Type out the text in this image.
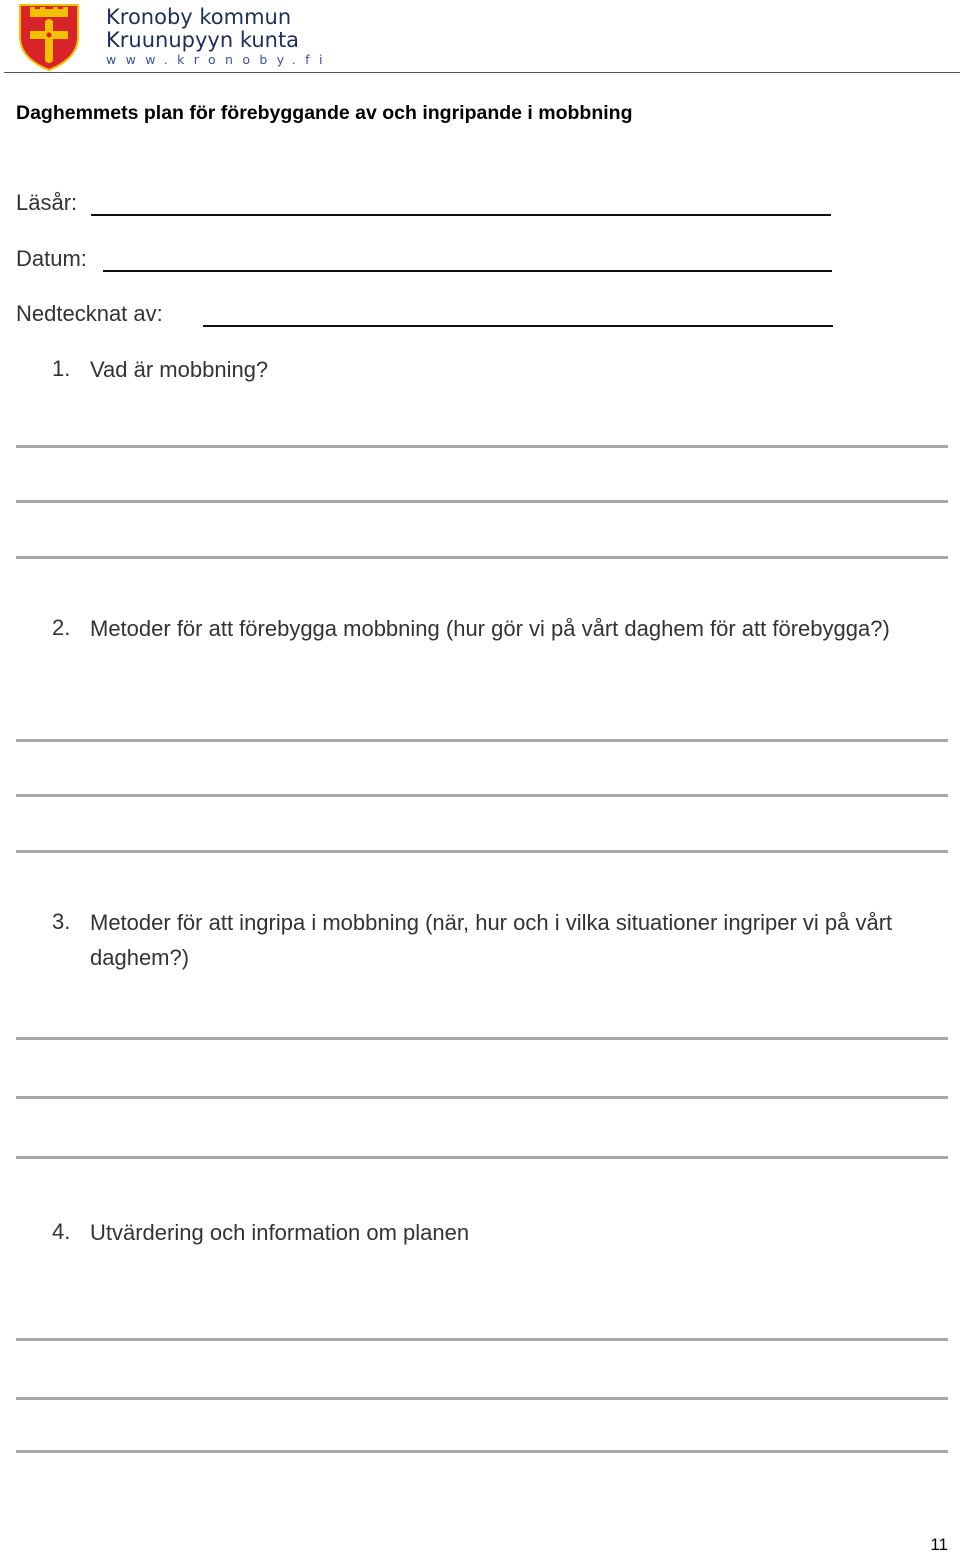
Kronoby kommun
Kruunupyyn kunta
www.kronoby.fi
Daghemmets plan för förebyggande av och ingripande i mobbning
Läsår:
Datum:
Nedtecknat av:
1. Vad är mobbning?
2. Metoder för att förebygga mobbning (hur gör vi på vårt daghem för att förebygga?)
3. Metoder för att ingripa i mobbning (när, hur och i vilka situationer ingriper vi på vårt daghem?)
4. Utvärdering och information om planen
11
